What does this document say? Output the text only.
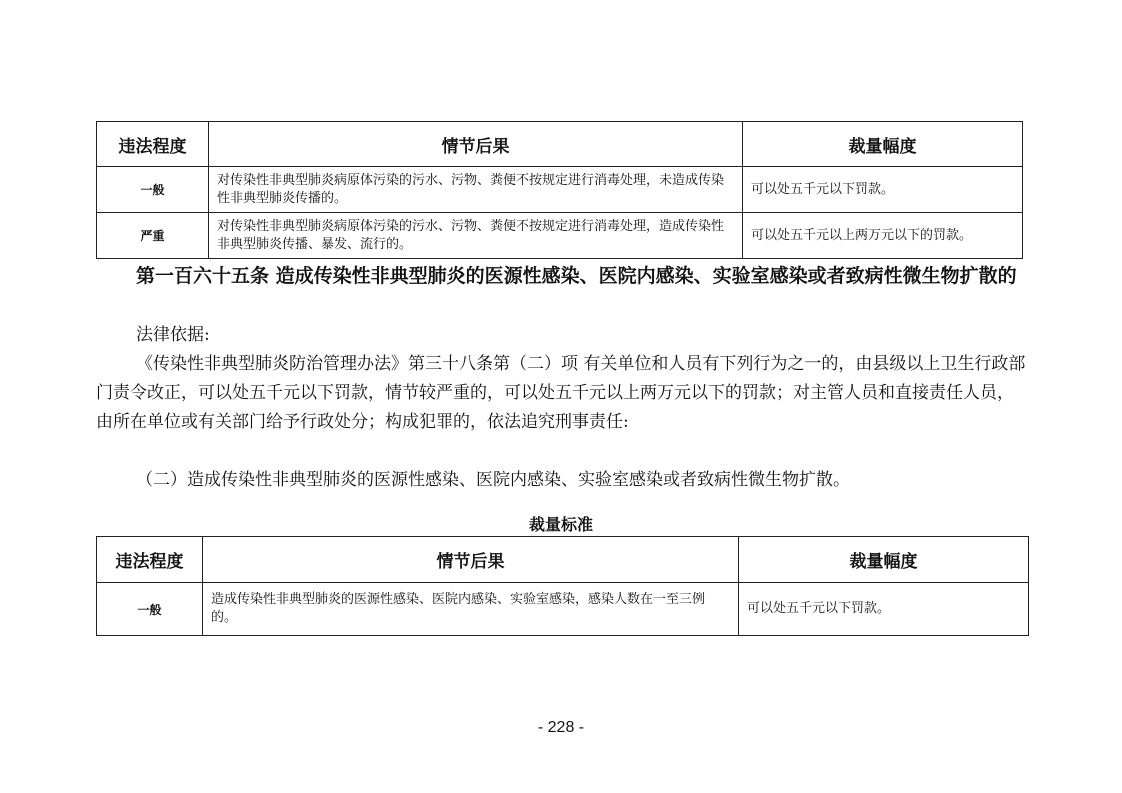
违法程度	情节后果	裁量幅度
一般	对传染性非典型肺炎病原体污染的污水、污物、粪便不按规定进行消毒处理，未造成传染性非典型肺炎传播的。	可以处五千元以下罚款。
严重	对传染性非典型肺炎病原体污染的污水、污物、粪便不按规定进行消毒处理，造成传染性非典型肺炎传播、暴发、流行的。	可以处五千元以上两万元以下的罚款。

第一百六十五条 造成传染性非典型肺炎的医源性感染、医院内感染、实验室感染或者致病性微生物扩散的

法律依据:

《传染性非典型肺炎防治管理办法》第三十八条第（二）项 有关单位和人员有下列行为之一的，由县级以上卫生行政部门责令改正，可以处五千元以下罚款，情节较严重的，可以处五千元以上两万元以下的罚款；对主管人员和直接责任人员，由所在单位或有关部门给予行政处分；构成犯罪的，依法追究刑事责任:

（二）造成传染性非典型肺炎的医源性感染、医院内感染、实验室感染或者致病性微生物扩散。

裁量标准
违法程度	情节后果	裁量幅度
一般	造成传染性非典型肺炎的医源性感染、医院内感染、实验室感染，感染人数在一至三例的。	可以处五千元以下罚款。
- 228 -
